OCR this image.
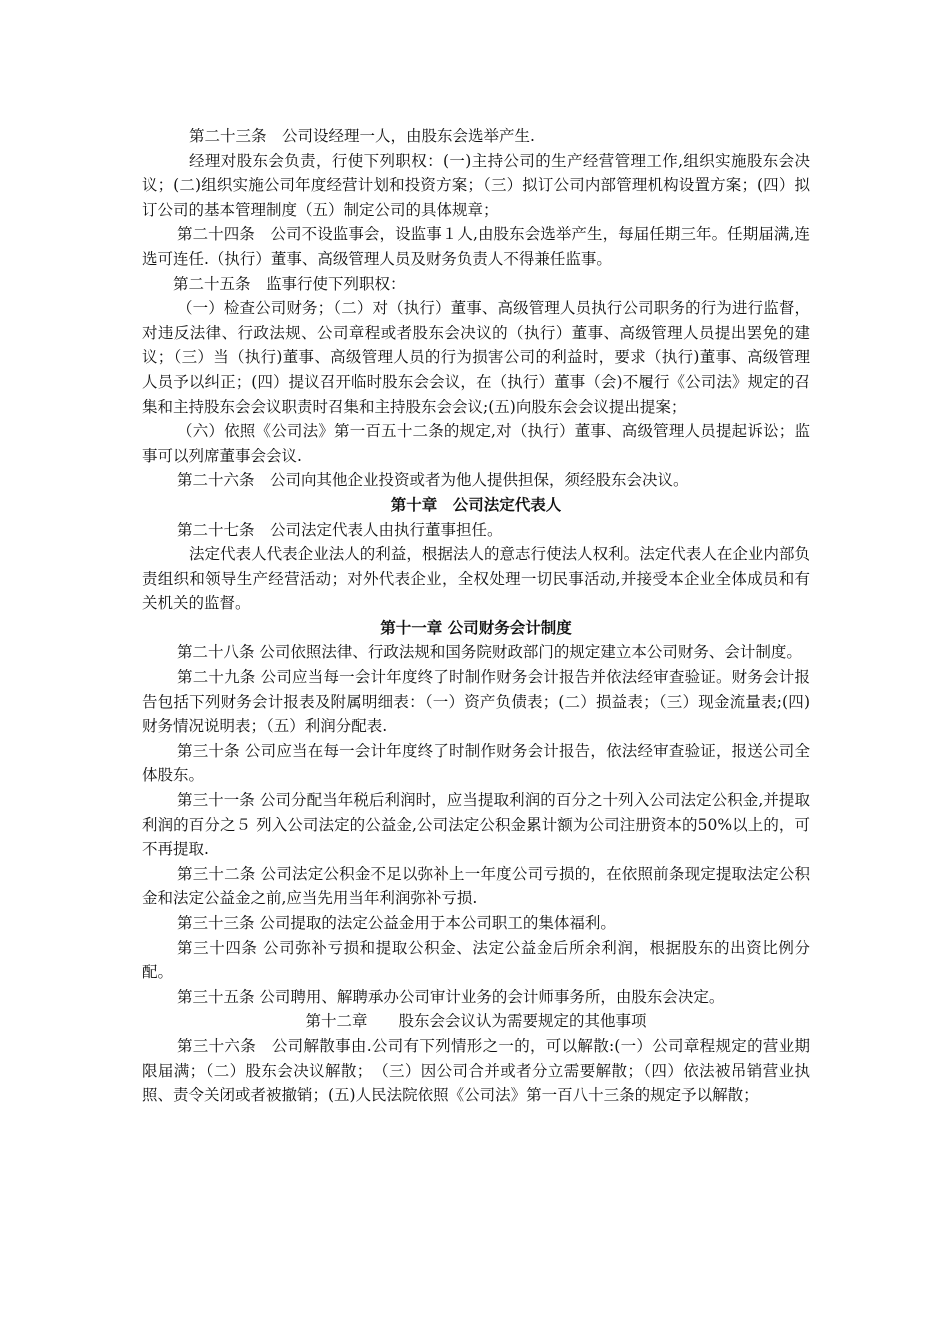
第二十三条　公司设经理一人，由股东会选举产生.

经理对股东会负责，行使下列职权：(一)主持公司的生产经营管理工作,组织实施股东会决议；(二)组织实施公司年度经营计划和投资方案；（三）拟订公司内部管理机构设置方案；(四）拟订公司的基本管理制度（五）制定公司的具体规章；

第二十四条　公司不设监事会，设监事１人,由股东会选举产生，每届任期三年。任期届满,连选可连任.（执行）董事、高级管理人员及财务负责人不得兼任监事。

第二十五条　监事行使下列职权：

（一）检查公司财务；（二）对（执行）董事、高级管理人员执行公司职务的行为进行监督，对违反法律、行政法规、公司章程或者股东会决议的（执行）董事、高级管理人员提出罢免的建议；（三）当（执行)董事、高级管理人员的行为损害公司的利益时，要求（执行)董事、高级管理人员予以纠正；(四）提议召开临时股东会会议，在（执行）董事（会)不履行《公司法》规定的召集和主持股东会会议职责时召集和主持股东会会议;(五)向股东会会议提出提案；

（六）依照《公司法》第一百五十二条的规定,对（执行）董事、高级管理人员提起诉讼；监事可以列席董事会会议.

第二十六条　公司向其他企业投资或者为他人提供担保，须经股东会决议。

第十章　公司法定代表人

第二十七条　公司法定代表人由执行董事担任。

法定代表人代表企业法人的利益，根据法人的意志行使法人权利。法定代表人在企业内部负责组织和领导生产经营活动；对外代表企业，全权处理一切民事活动,并接受本企业全体成员和有关机关的监督。

第十一章 公司财务会计制度

第二十八条 公司依照法律、行政法规和国务院财政部门的规定建立本公司财务、会计制度。

第二十九条 公司应当每一会计年度终了时制作财务会计报告并依法经审查验证。财务会计报告包括下列财务会计报表及附属明细表：（一）资产负债表；(二）损益表；（三）现金流量表;(四)财务情况说明表；（五）利润分配表.

第三十条 公司应当在每一会计年度终了时制作财务会计报告，依法经审查验证，报送公司全体股东。

第三十一条 公司分配当年税后利润时，应当提取利润的百分之十列入公司法定公积金,并提取利润的百分之５ 列入公司法定的公益金,公司法定公积金累计额为公司注册资本的50%以上的，可不再提取.

第三十二条 公司法定公积金不足以弥补上一年度公司亏损的，在依照前条现定提取法定公积金和法定公益金之前,应当先用当年利润弥补亏损.

第三十三条 公司提取的法定公益金用于本公司职工的集体福利。

第三十四条 公司弥补亏损和提取公积金、法定公益金后所余利润，根据股东的出资比例分配。

第三十五条 公司聘用、解聘承办公司审计业务的会计师事务所，由股东会决定。

第十二章　　股东会会议认为需要规定的其他事项

第三十六条　公司解散事由.公司有下列情形之一的，可以解散:(一）公司章程规定的营业期限届满；（二）股东会决议解散；　（三）因公司合并或者分立需要解散；（四）依法被吊销营业执照、责令关闭或者被撤销；(五)人民法院依照《公司法》第一百八十三条的规定予以解散；
